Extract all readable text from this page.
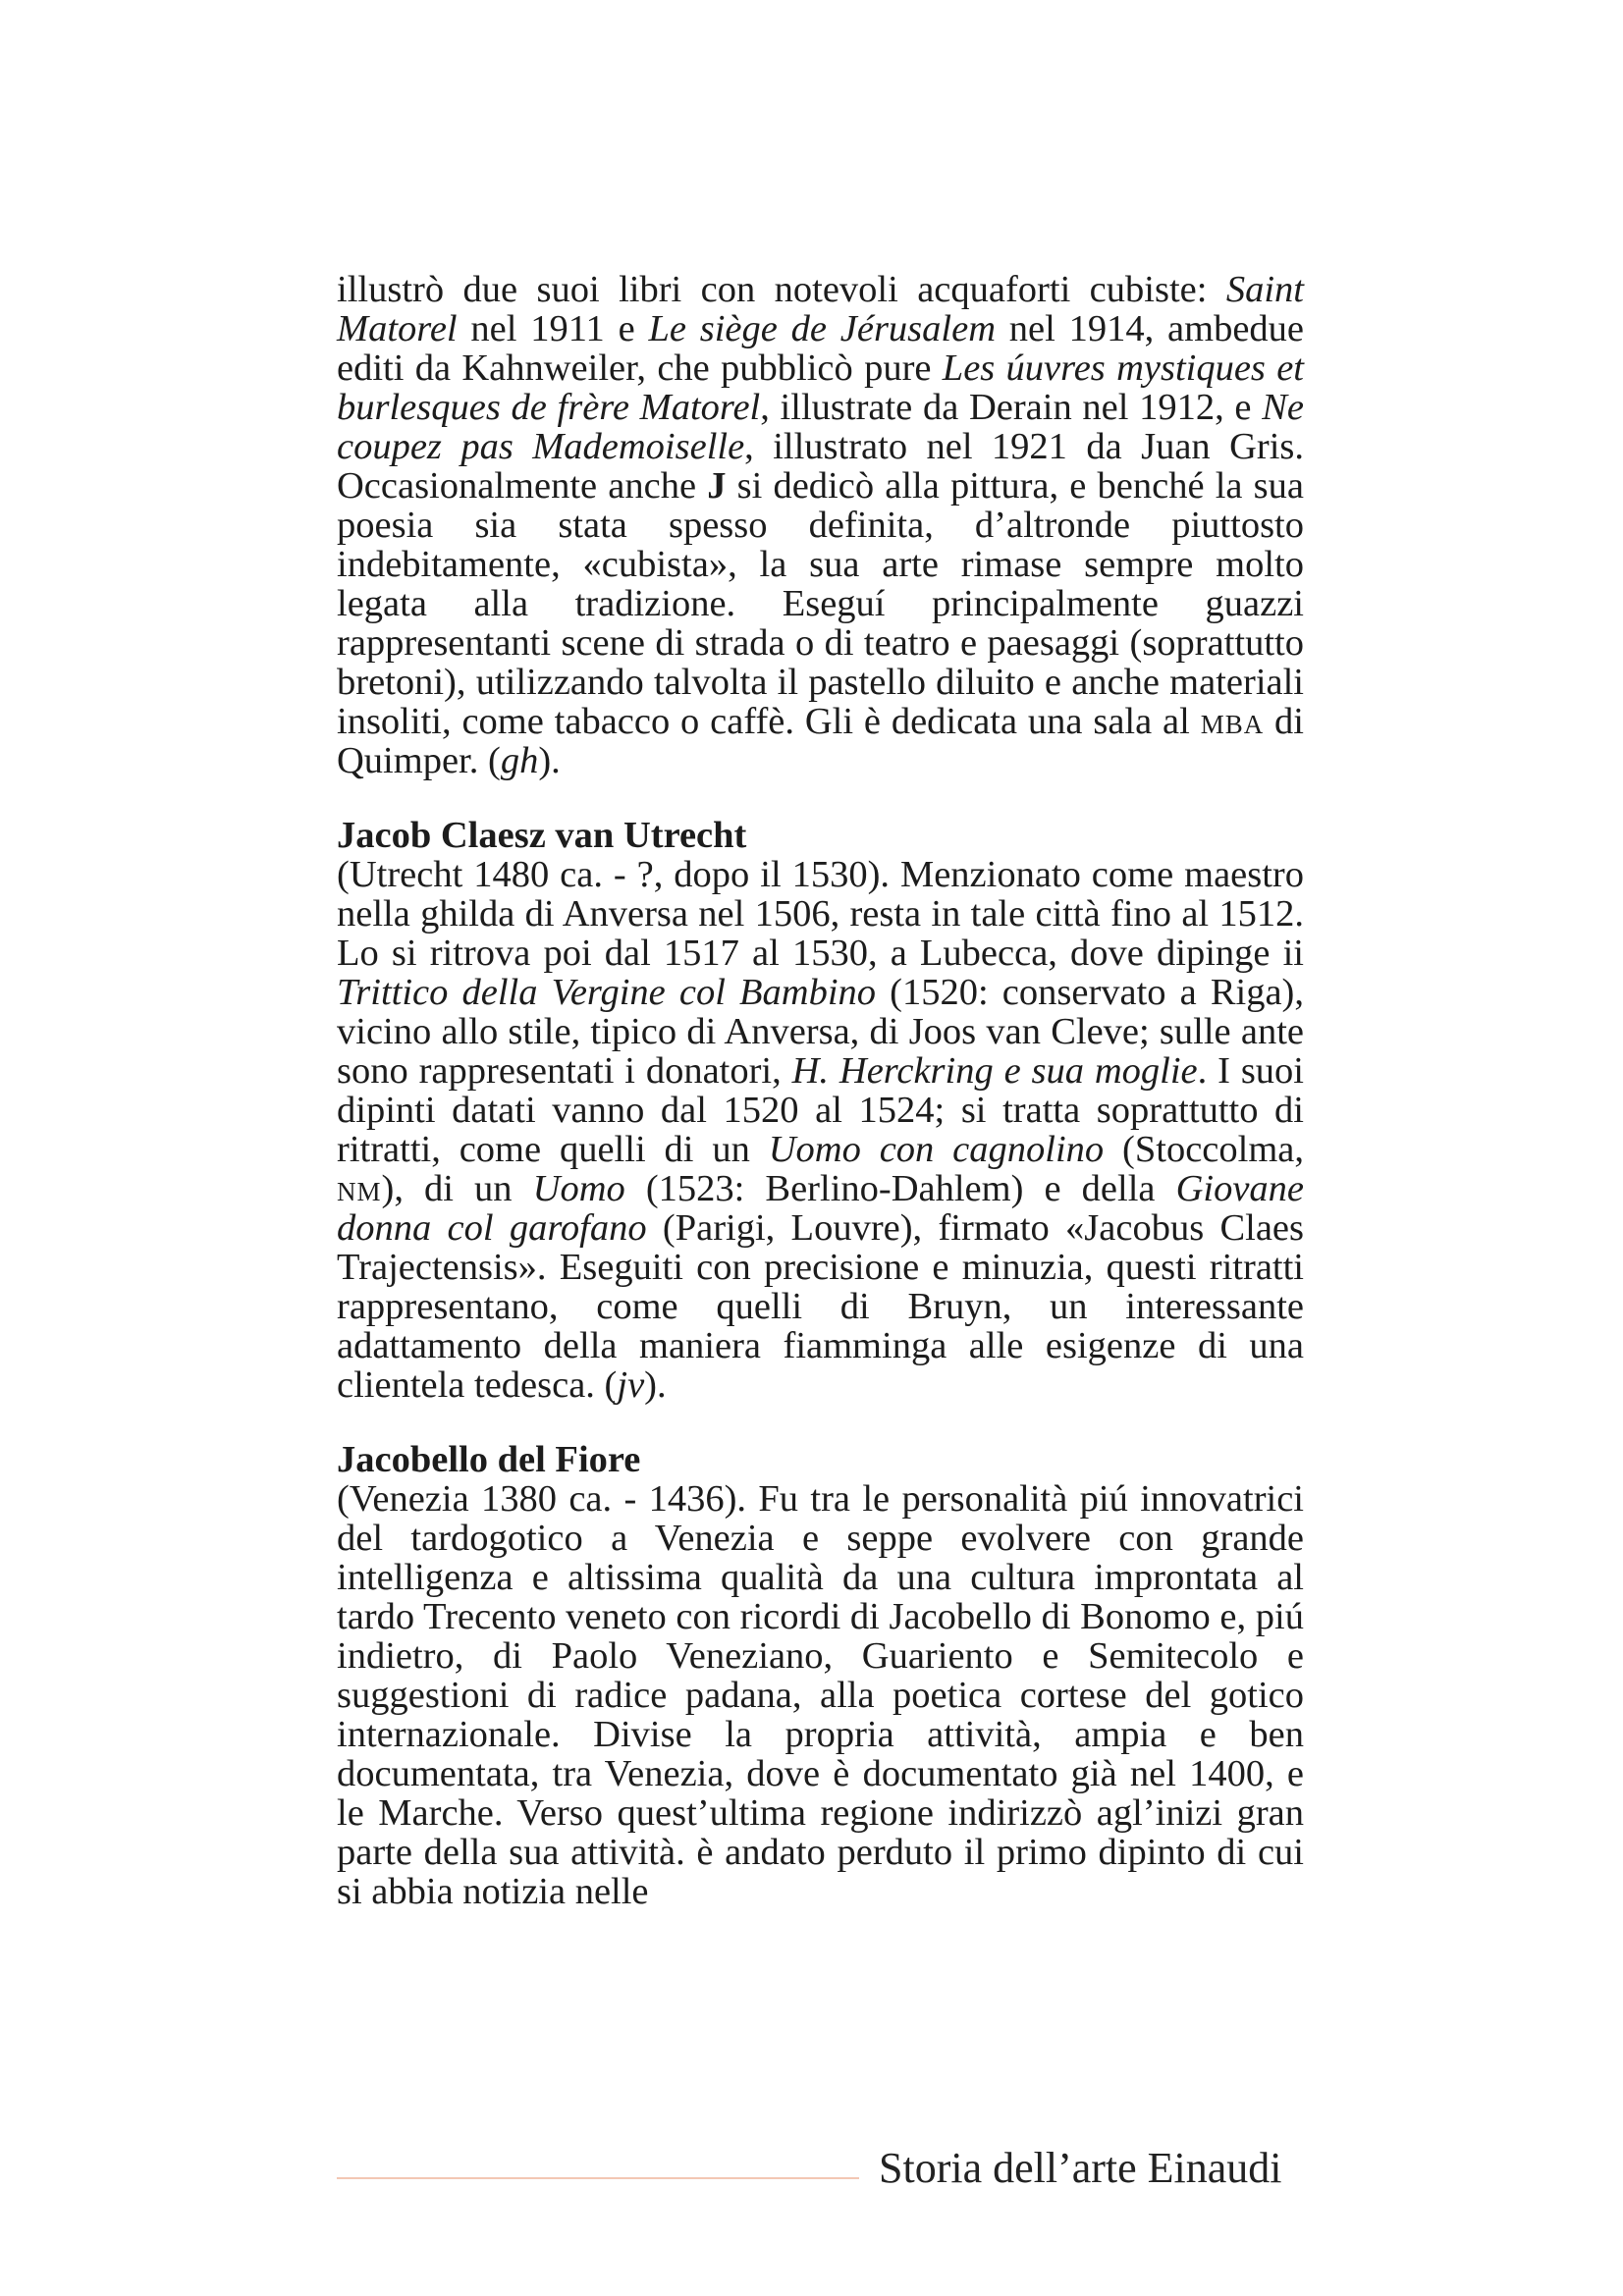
illustrò due suoi libri con notevoli acquaforti cubiste: Saint Matorel nel 1911 e Le siège de Jérusalem nel 1914, ambedue editi da Kahnweiler, che pubblicò pure Les úuvres mystiques et burlesques de frère Matorel, illustrate da Derain nel 1912, e Ne coupez pas Mademoiselle, illustrato nel 1921 da Juan Gris. Occasionalmente anche J si dedicò alla pittura, e benché la sua poesia sia stata spesso definita, d’altronde piuttosto indebitamente, «cubista», la sua arte rimase sempre molto legata alla tradizione. Eseguí principalmente guazzi rappresentanti scene di strada o di teatro e paesaggi (soprattutto bretoni), utilizzando talvolta il pastello diluito e anche materiali insoliti, come tabacco o caffè. Gli è dedicata una sala al mba di Quimper. (gh).

Jacob Claesz van Utrecht

(Utrecht 1480 ca. - ?, dopo il 1530). Menzionato come maestro nella ghilda di Anversa nel 1506, resta in tale città fino al 1512. Lo si ritrova poi dal 1517 al 1530, a Lubecca, dove dipinge ii Trittico della Vergine col Bambino (1520: conservato a Riga), vicino allo stile, tipico di Anversa, di Joos van Cleve; sulle ante sono rappresentati i donatori, H. Herckring e sua moglie. I suoi dipinti datati vanno dal 1520 al 1524; si tratta soprattutto di ritratti, come quelli di un Uomo con cagnolino (Stoccolma, nm), di un Uomo (1523: Berlino-Dahlem) e della Giovane donna col garofano (Parigi, Louvre), firmato «Jacobus Claes Trajectensis». Eseguiti con precisione e minuzia, questi ritratti rappresentano, come quelli di Bruyn, un interessante adattamento della maniera fiamminga alle esigenze di una clientela tedesca. (jv).

Jacobello del Fiore

(Venezia 1380 ca. - 1436). Fu tra le personalità piú innovatrici del tardogotico a Venezia e seppe evolvere con grande intelligenza e altissima qualità da una cultura improntata al tardo Trecento veneto con ricordi di Jacobello di Bonomo e, piú indietro, di Paolo Veneziano, Guariento e Semitecolo e suggestioni di radice padana, alla poetica cortese del gotico internazionale. Divise la propria attività, ampia e ben documentata, tra Venezia, dove è documentato già nel 1400, e le Marche. Verso quest’ultima regione indirizzò agl’inizi gran parte della sua attività. è andato perduto il primo dipinto di cui si abbia notizia nelle

Storia dell’arte Einaudi
